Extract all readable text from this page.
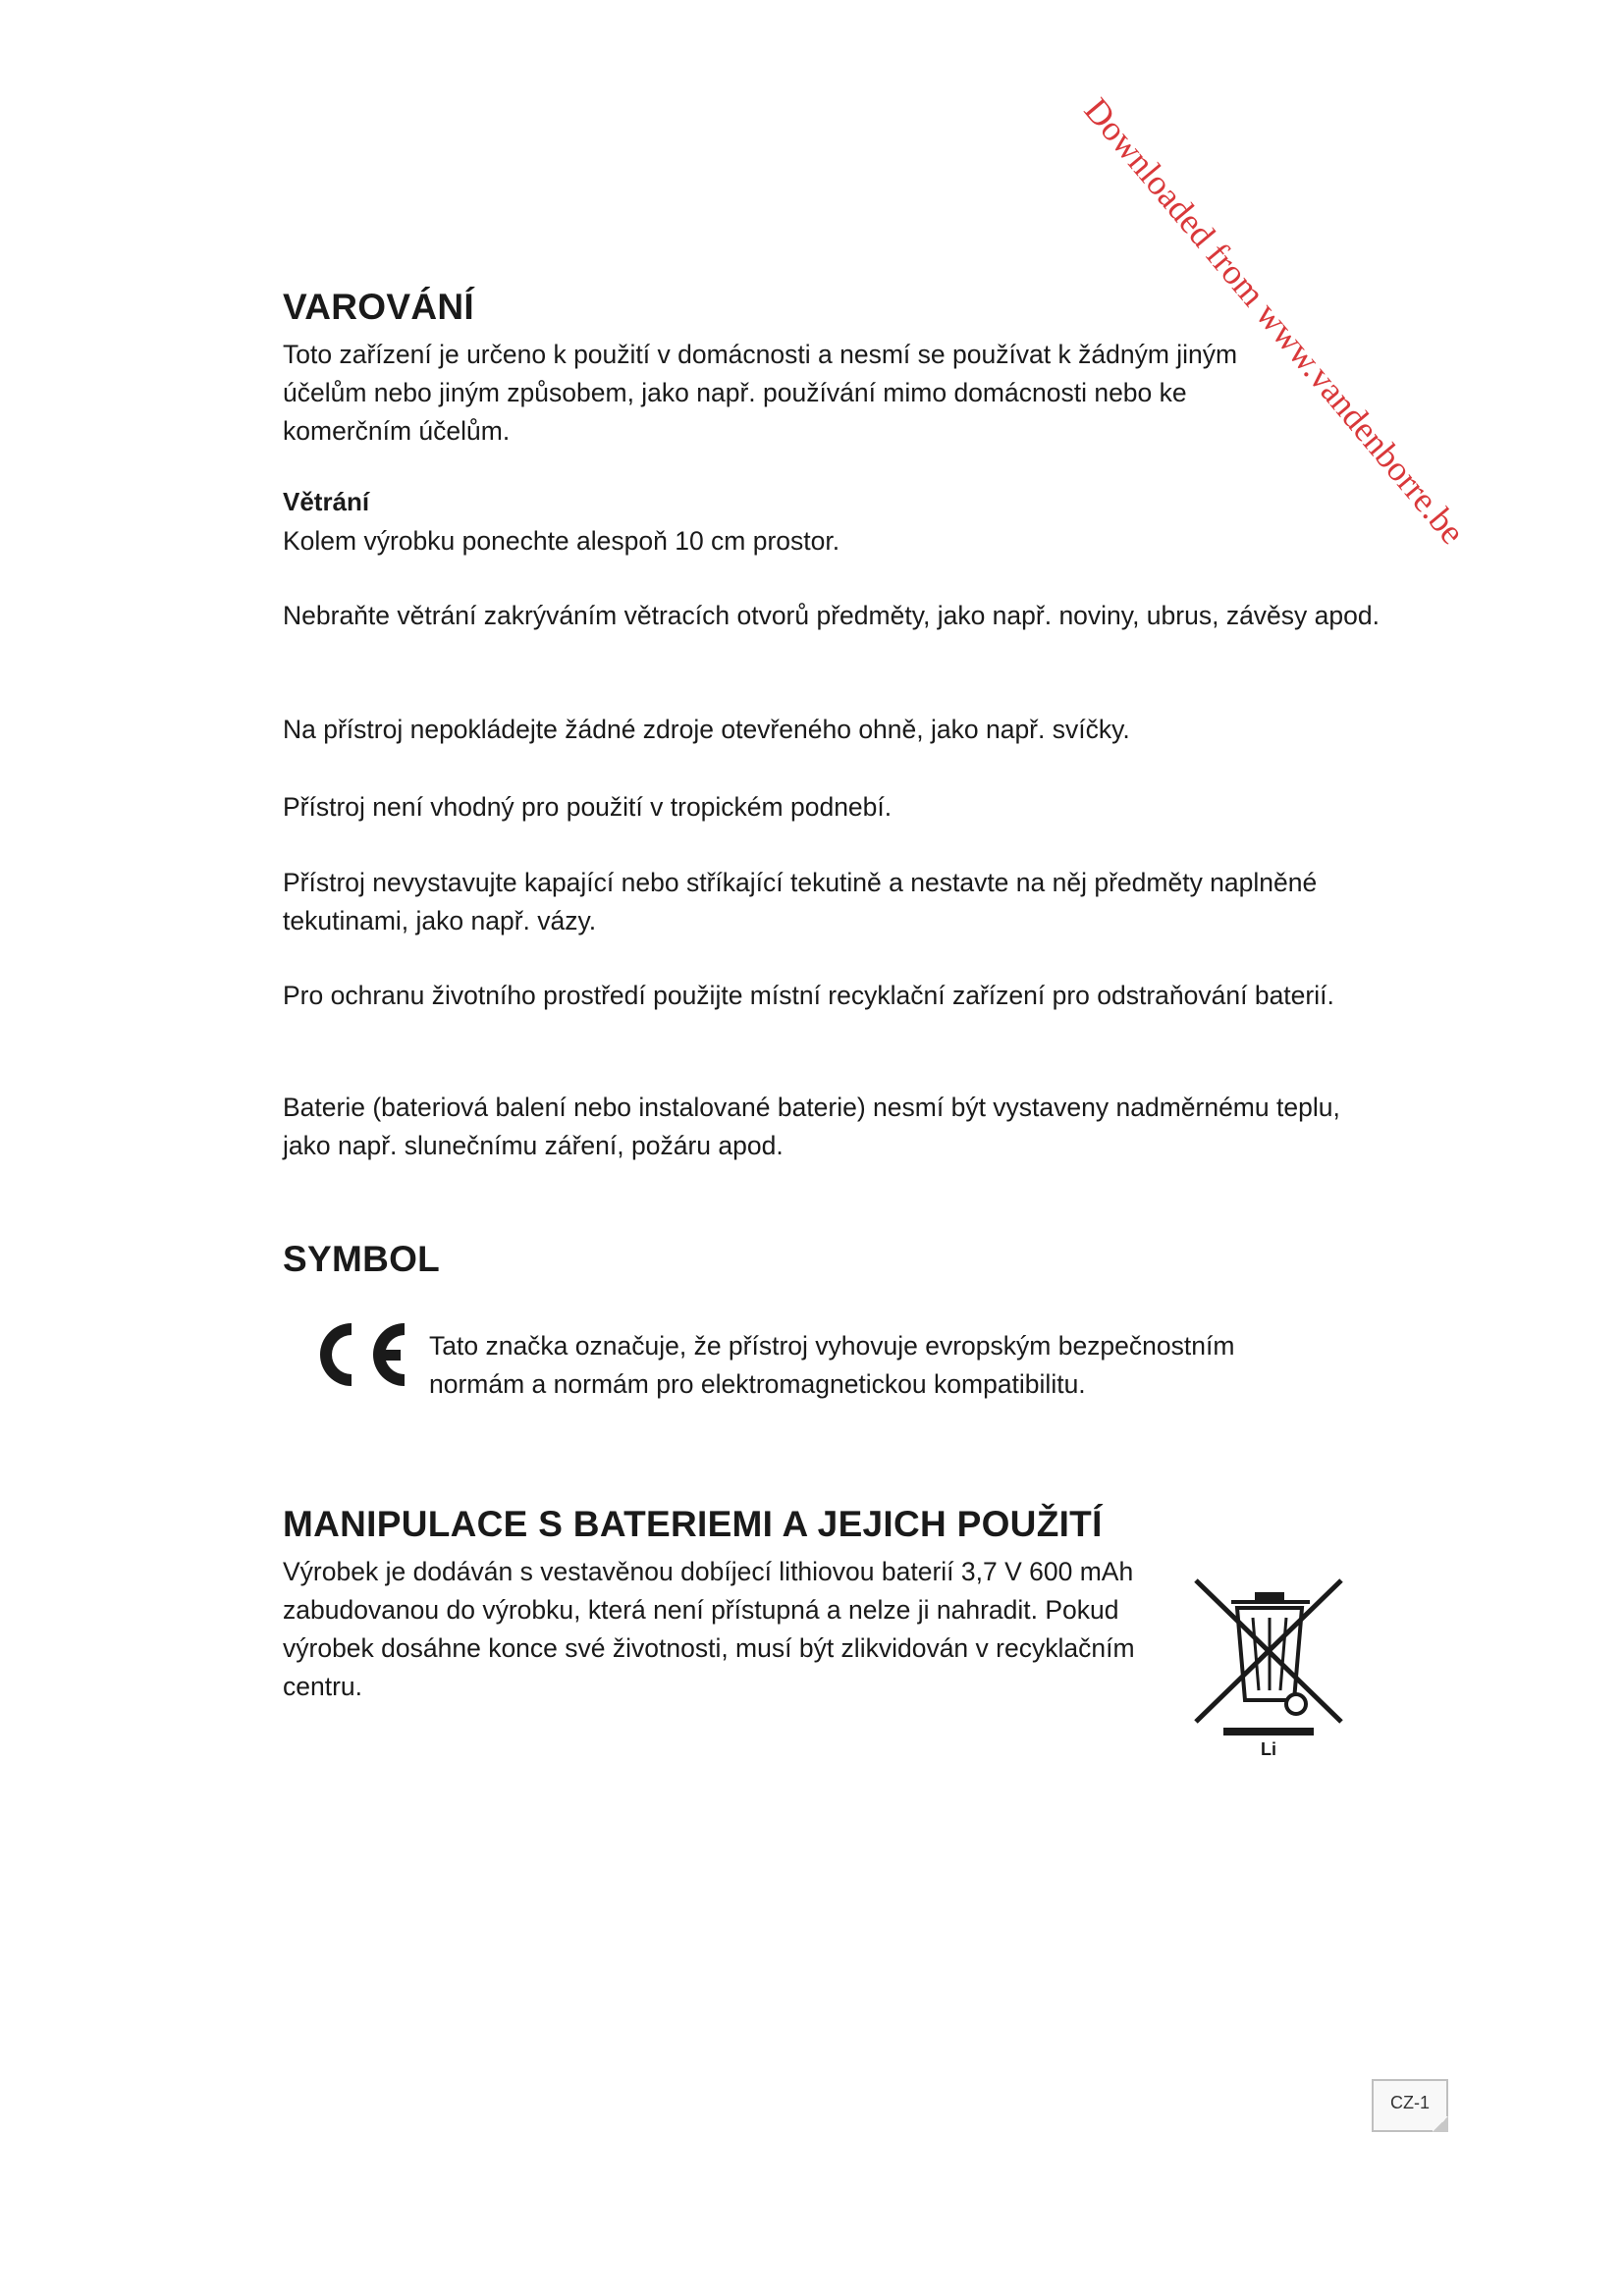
Downloaded from www.vandenborre.be
VAROVÁNÍ

Toto zařízení je určeno k použití v domácnosti a nesmí se používat k žádným jiným účelům nebo jiným způsobem, jako např. používání mimo domácnosti nebo ke komerčním účelům.

Větrání

Kolem výrobku ponechte alespoň 10 cm prostor.

Nebraňte větrání zakrýváním větracích otvorů předměty, jako např. noviny, ubrus, závěsy apod.

Na přístroj nepokládejte žádné zdroje otevřeného ohně, jako např. svíčky.

Přístroj není vhodný pro použití v tropickém podnebí.

Přístroj nevystavujte kapající nebo stříkající tekutině a nestavte na něj předměty naplněné tekutinami, jako např. vázy.

Pro ochranu životního prostředí použijte místní recyklační zařízení pro odstraňování baterií.

Baterie (bateriová balení nebo instalované baterie) nesmí být vystaveny nadměrnému teplu, jako např. slunečnímu záření, požáru apod.

SYMBOL

Tato značka označuje, že přístroj vyhovuje evropským bezpečnostním normám a normám pro elektromagnetickou kompatibilitu.

MANIPULACE S BATERIEMI A JEJICH POUŽITÍ

Výrobek je dodáván s vestavěnou dobíjecí lithiovou baterií 3,7 V 600 mAh zabudovanou do výrobku, která není přístupná a nelze ji nahradit. Pokud výrobek dosáhne konce své životnosti, musí být zlikvidován v recyklačním centru.

Li
CZ-1
